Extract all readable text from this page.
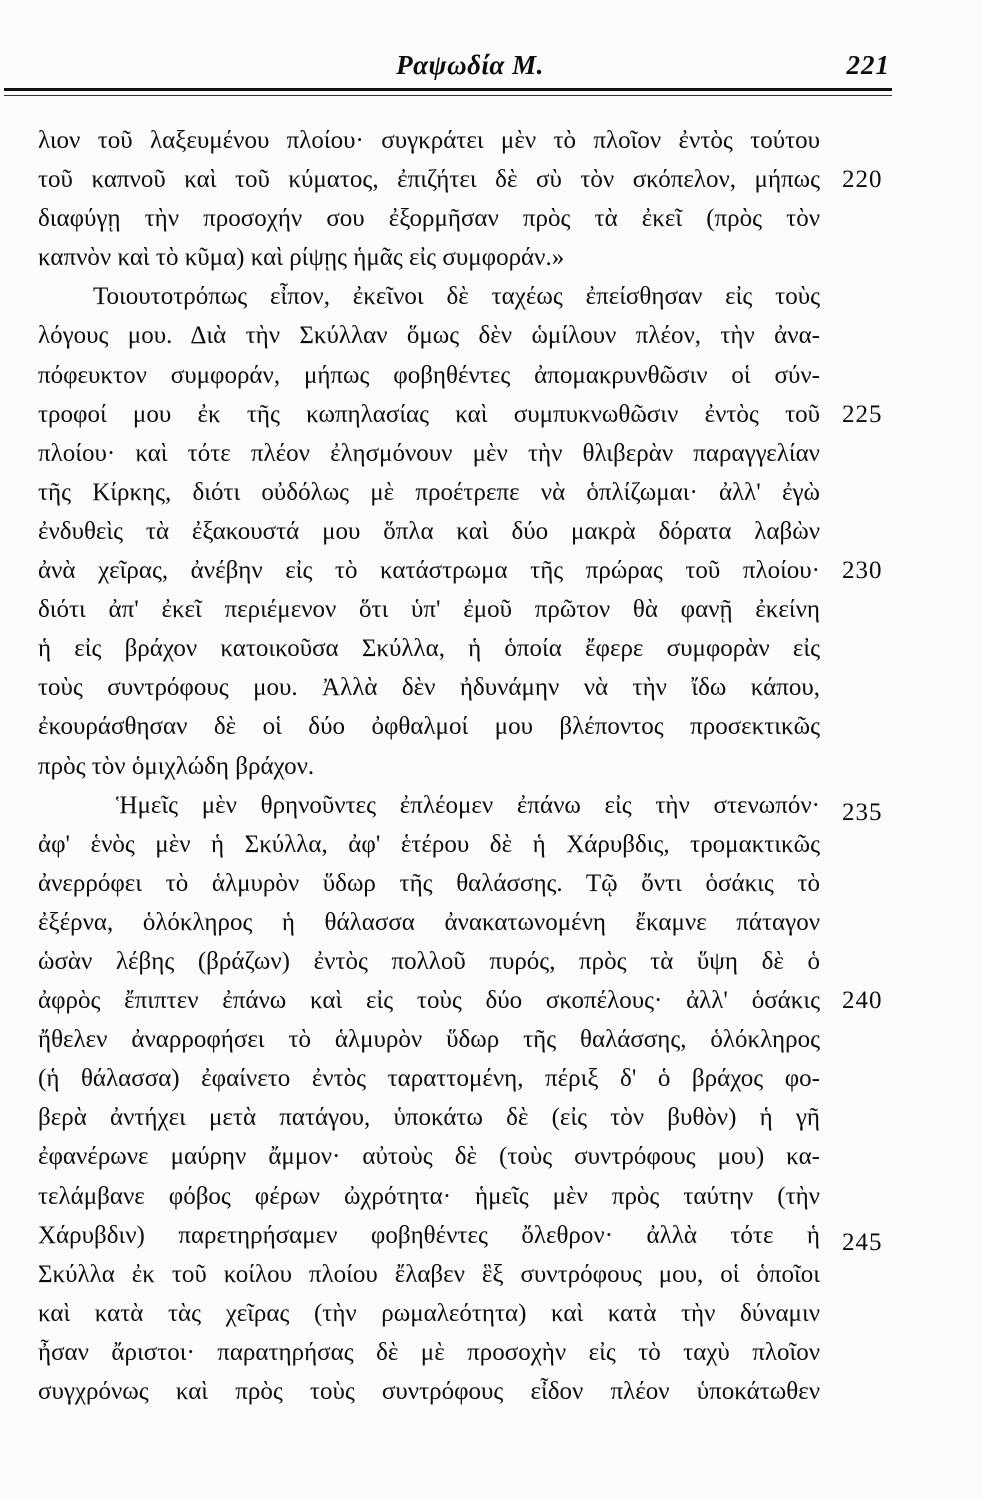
Ραψωδία Μ.	221
λιον τοῦ λαξευμένου πλοίου· συγκράτει μὲν τὸ πλοῖον ἐντὸς τούτου
τοῦ καπνοῦ καὶ τοῦ κύματος, ἐπιζήτει δὲ σὺ τὸν σκόπελον, μήπως 220
διαφύγῃ τὴν προσοχήν σου ἐξορμῆσαν πρὸς τὰ ἐκεῖ (πρὸς τὸν
καπνὸν καὶ τὸ κῦμα) καὶ ρίψῃς ἡμᾶς εἰς συμφοράν.»
Τοιουτοτρόπως εἶπον, ἐκεῖνοι δὲ ταχέως ἐπείσθησαν εἰς τοὺς
λόγους μου. Διὰ τὴν Σκύλλαν ὅμως δὲν ὡμίλουν πλέον, τὴν ἀνα-
πόφευκτον συμφοράν, μήπως φοβηθέντες ἀπομακρυνθῶσιν οἱ σύν-
τροφοί μου ἐκ τῆς κωπηλασίας καὶ συμπυκνωθῶσιν ἐντὸς τοῦ 225
πλοίου· καὶ τότε πλέον ἐλησμόνουν μὲν τὴν θλιβερὰν παραγγελίαν
τῆς Κίρκης, διότι οὐδόλως μὲ προέτρεπε νὰ ὁπλίζωμαι· ἀλλ' ἐγὼ
ἐνδυθεὶς τὰ ἐξακουστά μου ὅπλα καὶ δύο μακρὰ δόρατα λαβὼν
ἀνὰ χεῖρας, ἀνέβην εἰς τὸ κατάστρωμα τῆς πρώρας τοῦ πλοίου· 230
διότι ἀπ' ἐκεῖ περιέμενον ὅτι ὑπ' ἐμοῦ πρῶτον θὰ φανῇ ἐκείνη
ἡ εἰς βράχον κατοικοῦσα Σκύλλα, ἡ ὁποία ἔφερε συμφορὰν εἰς
τοὺς συντρόφους μου. Ἀλλὰ δὲν ἠδυνάμην νὰ τὴν ἴδω κάπου,
ἐκουράσθησαν δὲ οἱ δύο ὀφθαλμοί μου βλέποντος προσεκτικῶς
πρὸς τὸν ὁμιχλώδη βράχον.
Ἡμεῖς μὲν θρηνοῦντες ἐπλέομεν ἐπάνω εἰς τὴν στενωπόν· 235
ἀφ' ἑνὸς μὲν ἡ Σκύλλα, ἀφ' ἑτέρου δὲ ἡ Χάρυβδις, τρομακτικῶς
ἀνερρόφει τὸ ἁλμυρὸν ὕδωρ τῆς θαλάσσης. Τῷ ὄντι ὁσάκις τὸ
ἐξέρνα, ὁλόκληρος ἡ θάλασσα ἀνακατωνομένη ἔκαμνε πάταγον
ὡσὰν λέβης (βράζων) ἐντὸς πολλοῦ πυρός, πρὸς τὰ ὕψη δὲ ὁ
ἀφρὸς ἔπιπτεν ἐπάνω καὶ εἰς τοὺς δύο σκοπέλους· ἀλλ' ὁσάκις 240
ἤθελεν ἀναρροφήσει τὸ ἁλμυρὸν ὕδωρ τῆς θαλάσσης, ὁλόκληρος
(ἡ θάλασσα) ἐφαίνετο ἐντὸς ταραττομένη, πέριξ δ' ὁ βράχος φο-
βερὰ ἀντήχει μετὰ πατάγου, ὑποκάτω δὲ (εἰς τὸν βυθὸν) ἡ γῆ
ἐφανέρωνε μαύρην ἄμμον· αὐτοὺς δὲ (τοὺς συντρόφους μου) κα-
τελάμβανε φόβος φέρων ὠχρότητα· ἡμεῖς μὲν πρὸς ταύτην (τὴν
Χάρυβδιν) παρετηρήσαμεν φοβηθέντες ὄλεθρον· ἀλλὰ τότε ἡ 245
Σκύλλα ἐκ τοῦ κοίλου πλοίου ἔλαβεν ἓξ συντρόφους μου, οἱ ὁποῖοι
καὶ κατὰ τὰς χεῖρας (τὴν ρωμαλεότητα) καὶ κατὰ τὴν δύναμιν
ἦσαν ἄριστοι· παρατηρήσας δὲ μὲ προσοχὴν εἰς τὸ ταχὺ πλοῖον
συγχρόνως καὶ πρὸς τοὺς συντρόφους εἶδον πλέον ὑποκάτωθεν
